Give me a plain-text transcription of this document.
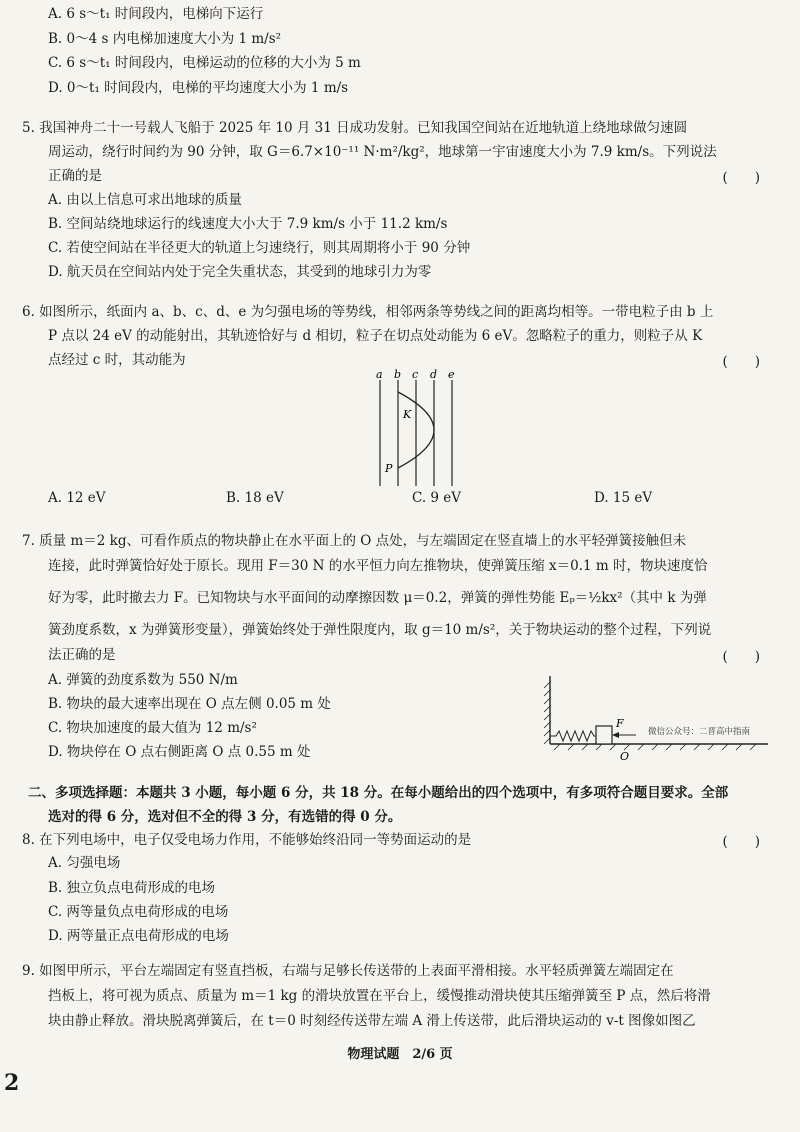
A. 6 s～t₁ 时间段内，电梯向下运行
B. 0～4 s 内电梯加速度大小为 1 m/s²
C. 6 s～t₁ 时间段内，电梯运动的位移的大小为 5 m
D. 0～t₁ 时间段内，电梯的平均速度大小为 1 m/s
5. 我国神舟二十一号载人飞船于 2025 年 10 月 31 日成功发射。已知我国空间站在近地轨道上绕地球做匀速圆
周运动，绕行时间约为 90 分钟，取 G＝6.7×10⁻¹¹ N·m²/kg²，地球第一宇宙速度大小为 7.9 km/s。下列说法
正确的是	(　　)
A. 由以上信息可求出地球的质量
B. 空间站绕地球运行的线速度大小大于 7.9 km/s 小于 11.2 km/s
C. 若使空间站在半径更大的轨道上匀速绕行，则其周期将小于 90 分钟
D. 航天员在空间站内处于完全失重状态，其受到的地球引力为零
6. 如图所示，纸面内 a、b、c、d、e 为匀强电场的等势线，相邻两条等势线之间的距离均相等。一带电粒子由 b 上
P 点以 24 eV 的动能射出，其轨迹恰好与 d 相切，粒子在切点处动能为 6 eV。忽略粒子的重力，则粒子从 K
点经过 c 时，其动能为	(　　)
a b c d e
K
P
A. 12 eV	B. 18 eV	C. 9 eV	D. 15 eV
7. 质量 m＝2 kg、可看作质点的物块静止在水平面上的 O 点处，与左端固定在竖直墙上的水平轻弹簧接触但未
连接，此时弹簧恰好处于原长。现用 F＝30 N 的水平恒力向左推物块，使弹簧压缩 x＝0.1 m 时，物块速度恰
好为零，此时撤去力 F。已知物块与水平面间的动摩擦因数 μ＝0.2，弹簧的弹性势能 Eₚ＝½kx²（其中 k 为弹
簧劲度系数，x 为弹簧形变量），弹簧始终处于弹性限度内，取 g＝10 m/s²，关于物块运动的整个过程，下列说
法正确的是	(　　)
A. 弹簧的劲度系数为 550 N/m
B. 物块的最大速率出现在 O 点左侧 0.05 m 处
C. 物块加速度的最大值为 12 m/s²
D. 物块停在 O 点右侧距离 O 点 0.55 m 处
F
O
微信公众号：二晋高中指南
二、多项选择题：本题共 3 小题，每小题 6 分，共 18 分。在每小题给出的四个选项中，有多项符合题目要求。全部
选对的得 6 分，选对但不全的得 3 分，有选错的得 0 分。
8. 在下列电场中，电子仅受电场力作用，不能够始终沿同一等势面运动的是	(　　)
A. 匀强电场
B. 独立负点电荷形成的电场
C. 两等量负点电荷形成的电场
D. 两等量正点电荷形成的电场
9. 如图甲所示，平台左端固定有竖直挡板，右端与足够长传送带的上表面平滑相接。水平轻质弹簧左端固定在
挡板上，将可视为质点、质量为 m＝1 kg 的滑块放置在平台上，缓慢推动滑块使其压缩弹簧至 P 点，然后将滑
块由静止释放。滑块脱离弹簧后，在 t＝0 时刻经传送带左端 A 滑上传送带，此后滑块运动的 v-t 图像如图乙
物理试题　2/6 页
2
